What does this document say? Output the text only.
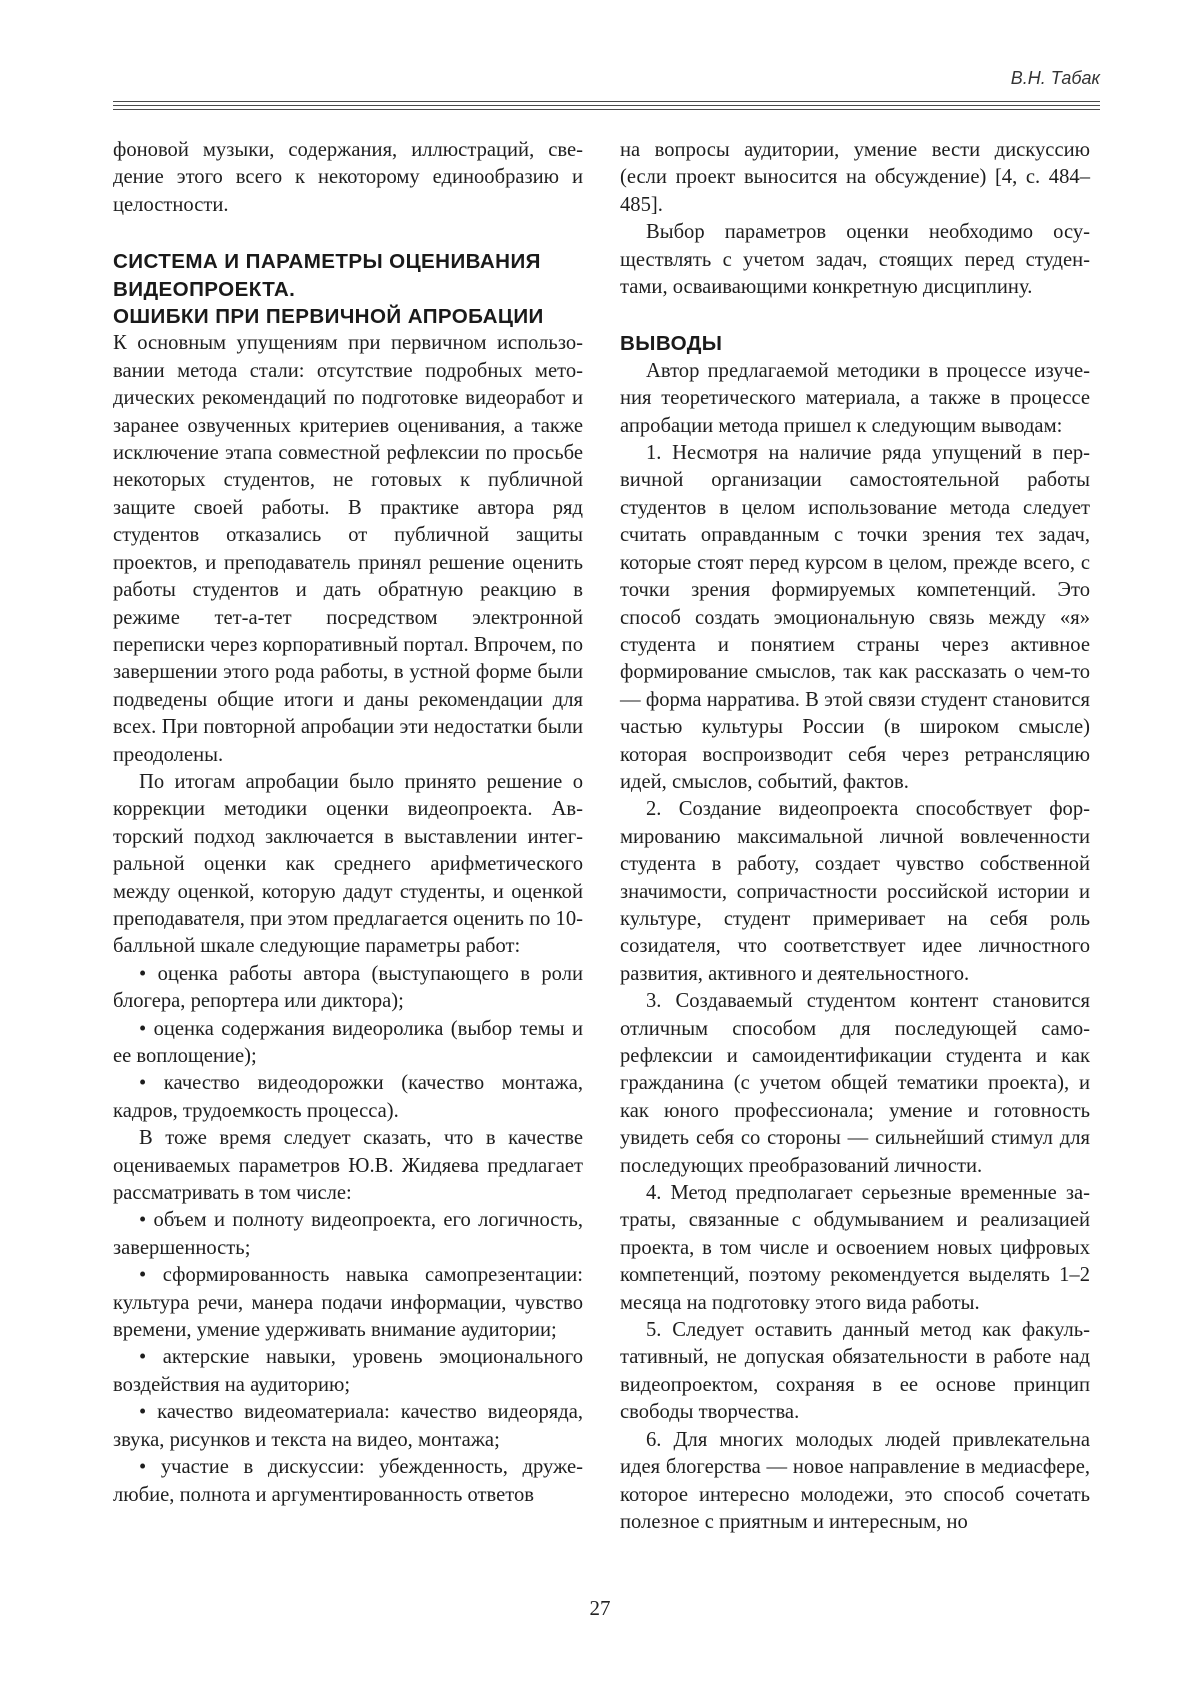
В.Н. Табак

фоновой музыки, содержания, иллюстраций, сведение этого всего к некоторому единообразию и целостности.

СИСТЕМА И ПАРАМЕТРЫ ОЦЕНИВАНИЯ

ВИДЕОПРОЕКТА.

ОШИБКИ ПРИ ПЕРВИЧНОЙ АПРОБАЦИИ

К основным упущениям при первичном использовании метода стали: отсутствие подробных методических рекомендаций по подготовке видеоработ и заранее озвученных критериев оценивания, а также исключение этапа совместной рефлексии по просьбе некоторых студентов, не готовых к публичной защите своей работы. В практике автора ряд студентов отказались от публичной защиты проектов, и преподаватель принял решение оценить работы студентов и дать обратную реакцию в режиме тет-а-тет посредством электронной переписки через корпоративный портал. Впрочем, по завершении этого рода работы, в устной форме были подведены общие итоги и даны рекомендации для всех. При повторной апробации эти недостатки были преодолены.

По итогам апробации было принято решение о коррекции методики оценки видеопроекта. Авторский подход заключается в выставлении интегральной оценки как среднего арифметического между оценкой, которую дадут студенты, и оценкой преподавателя, при этом предлагается оценить по 10-балльной шкале следующие параметры работ:

• оценка работы автора (выступающего в роли блогера, репортера или диктора);

• оценка содержания видеоролика (выбор темы и ее воплощение);

• качество видеодорожки (качество монтажа, кадров, трудоемкость процесса).

В тоже время следует сказать, что в качестве оцениваемых параметров Ю.В. Жидяева предлагает рассматривать в том числе:

• объем и полноту видеопроекта, его логичность, завершенность;

• сформированность навыка самопрезентации: культура речи, манера подачи информации, чувство времени, умение удерживать внимание аудитории;

• актерские навыки, уровень эмоционального воздействия на аудиторию;

• качество видеоматериала: качество видеоряда, звука, рисунков и текста на видео, монтажа;

• участие в дискуссии: убежденность, дружелюбие, полнота и аргументированность ответов

на вопросы аудитории, умение вести дискуссию (если проект выносится на обсуждение) [4, с. 484–485].

Выбор параметров оценки необходимо осуществлять с учетом задач, стоящих перед студентами, осваивающими конкретную дисциплину.

ВЫВОДЫ

Автор предлагаемой методики в процессе изучения теоретического материала, а также в процессе апробации метода пришел к следующим выводам:

1. Несмотря на наличие ряда упущений в первичной организации самостоятельной работы студентов в целом использование метода следует считать оправданным с точки зрения тех задач, которые стоят перед курсом в целом, прежде всего, с точки зрения формируемых компетенций. Это способ создать эмоциональную связь между «я» студента и понятием страны через активное формирование смыслов, так как рассказать о чем-то — форма нарратива. В этой связи студент становится частью культуры России (в широком смысле) которая воспроизводит себя через ретрансляцию идей, смыслов, событий, фактов.

2. Создание видеопроекта способствует формированию максимальной личной вовлеченности студента в работу, создает чувство собственной значимости, сопричастности российской истории и культуре, студент примеривает на себя роль созидателя, что соответствует идее личностного развития, активного и деятельностного.

3. Создаваемый студентом контент становится отличным способом для последующей саморефлексии и самоидентификации студента и как гражданина (с учетом общей тематики проекта), и как юного профессионала; умение и готовность увидеть себя со стороны — сильнейший стимул для последующих преобразований личности.

4. Метод предполагает серьезные временные затраты, связанные с обдумыванием и реализацией проекта, в том числе и освоением новых цифровых компетенций, поэтому рекомендуется выделять 1–2 месяца на подготовку этого вида работы.

5. Следует оставить данный метод как факультативный, не допуская обязательности в работе над видеопроектом, сохраняя в ее основе принцип свободы творчества.

6. Для многих молодых людей привлекательна идея блогерства — новое направление в медиасфере, которое интересно молодежи, это способ сочетать полезное с приятным и интересным, но

27
